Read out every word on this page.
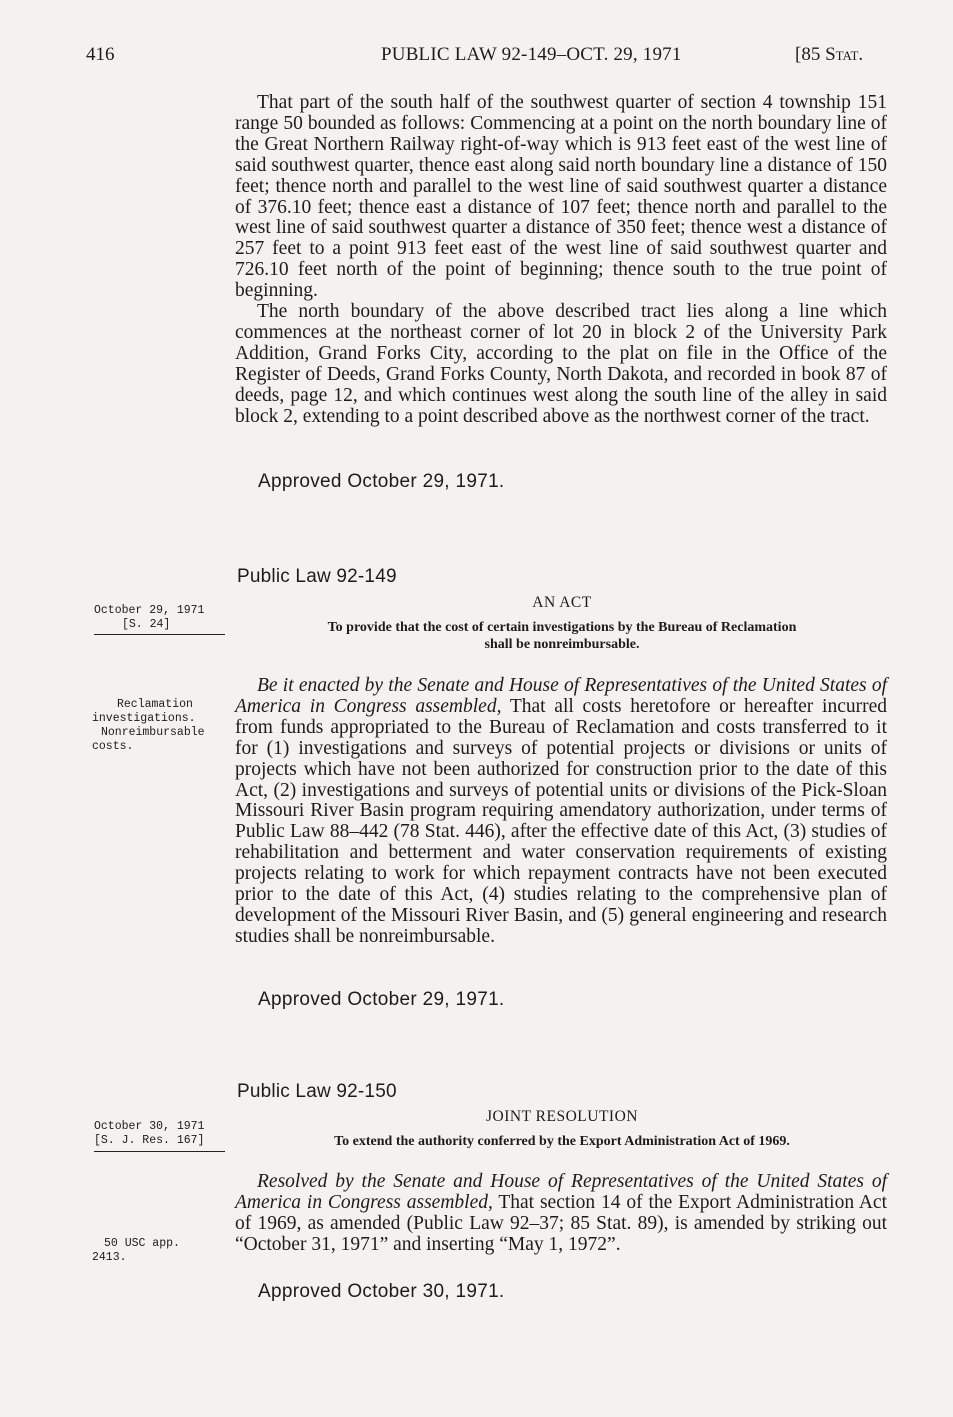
416	PUBLIC LAW 92-149–OCT. 29, 1971	[85 Stat.

That part of the south half of the southwest quarter of section 4 township 151 range 50 bounded as follows: Commencing at a point on the north boundary line of the Great Northern Railway right-of-way which is 913 feet east of the west line of said southwest quarter, thence east along said north boundary line a distance of 150 feet; thence north and parallel to the west line of said southwest quarter a distance of 376.10 feet; thence east a distance of 107 feet; thence north and parallel to the west line of said southwest quarter a distance of 350 feet; thence west a distance of 257 feet to a point 913 feet east of the west line of said southwest quarter and 726.10 feet north of the point of beginning; thence south to the true point of beginning.

The north boundary of the above described tract lies along a line which commences at the northeast corner of lot 20 in block 2 of the University Park Addition, Grand Forks City, according to the plat on file in the Office of the Register of Deeds, Grand Forks County, North Dakota, and recorded in book 87 of deeds, page 12, and which continues west along the south line of the alley in said block 2, extending to a point described above as the northwest corner of the tract.

Approved October 29, 1971.
Public Law 92-149
October 29, 1971
[S. 24]
AN ACT
To provide that the cost of certain investigations by the Bureau of Reclamation
shall be nonreimbursable.
Reclamation
investigations.
Nonreimbursable
costs.

Be it enacted by the Senate and House of Representatives of the United States of America in Congress assembled, That all costs heretofore or hereafter incurred from funds appropriated to the Bureau of Reclamation and costs transferred to it for (1) investigations and surveys of potential projects or divisions or units of projects which have not been authorized for construction prior to the date of this Act, (2) investigations and surveys of potential units or divisions of the Pick-Sloan Missouri River Basin program requiring amendatory authorization, under terms of Public Law 88–442 (78 Stat. 446), after the effective date of this Act, (3) studies of rehabilitation and betterment and water conservation requirements of existing projects relating to work for which repayment contracts have not been executed prior to the date of this Act, (4) studies relating to the comprehensive plan of development of the Missouri River Basin, and (5) general engineering and research studies shall be nonreimbursable.

Approved October 29, 1971.
Public Law 92-150
October 30, 1971
[S. J. Res. 167]
JOINT RESOLUTION
To extend the authority conferred by the Export Administration Act of 1969.

Resolved by the Senate and House of Representatives of the United States of America in Congress assembled, That section 14 of the Export Administration Act of 1969, as amended (Public Law 92–37; 85 Stat. 89), is amended by striking out “October 31, 1971” and inserting “May 1, 1972”.

50 USC app.
2413.
Approved October 30, 1971.
